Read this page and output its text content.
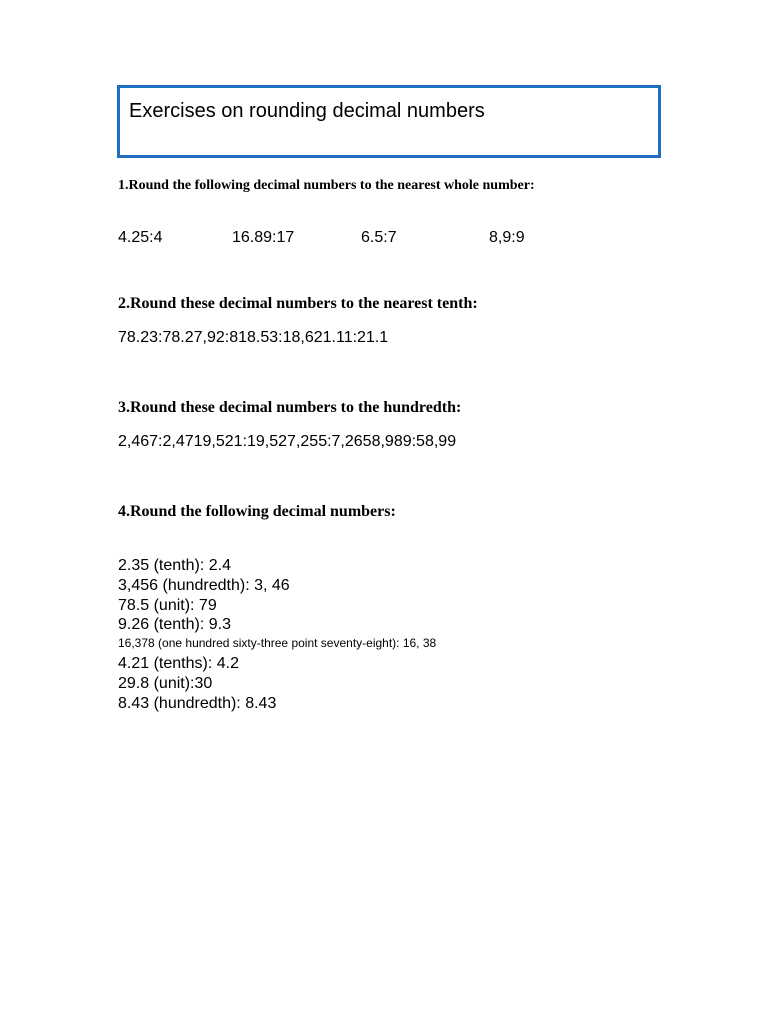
Exercises on rounding decimal numbers
1.Round the following decimal numbers to the nearest whole number:
4.25:4	16.89:17	6.5:7	8,9:9
2.Round these decimal numbers to the nearest tenth:
78.23:78.27,92:818.53:18,621.11:21.1
3.Round these decimal numbers to the hundredth:
2,467:2,4719,521:19,527,255:7,2658,989:58,99
4.Round the following decimal numbers:
2.35 (tenth): 2.4
3,456 (hundredth): 3, 46
78.5 (unit): 79
9.26 (tenth): 9.3
16,378 (one hundred sixty-three point seventy-eight): 16, 38
4.21 (tenths): 4.2
29.8 (unit):30
8.43 (hundredth): 8.43
